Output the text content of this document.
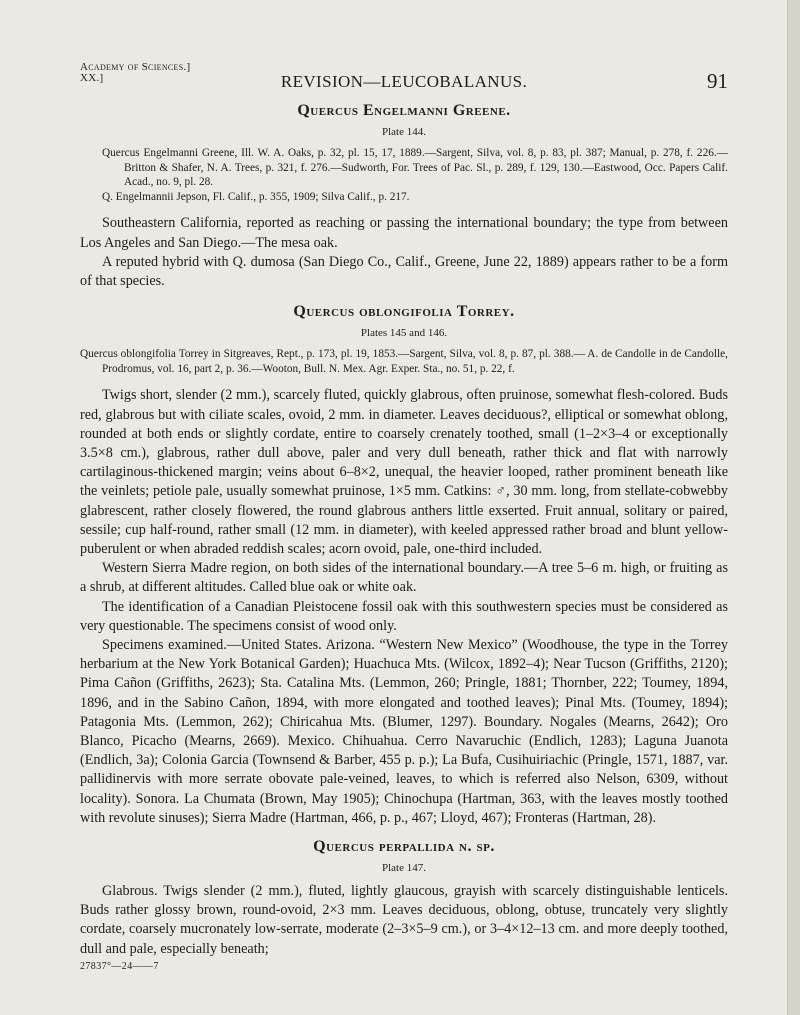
Academy of Sciences.]
XX.]	REVISION—LEUCOBALANUS.	91
Quercus Engelmanni Greene.
Plate 144.
Quercus Engelmanni Greene, Ill. W. A. Oaks, p. 32, pl. 15, 17, 1889.—Sargent, Silva, vol. 8, p. 83, pl. 387; Manual, p. 278, f. 226.—Britton & Shafer, N. A. Trees, p. 321, f. 276.—Sudworth, For. Trees of Pac. Sl., p. 289, f. 129, 130.—Eastwood, Occ. Papers Calif. Acad., no. 9, pl. 28.
Q. Engelmannii Jepson, Fl. Calif., p. 355, 1909; Silva Calif., p. 217.

Southeastern California, reported as reaching or passing the international boundary; the type from between Los Angeles and San Diego.—The mesa oak.

A reputed hybrid with Q. dumosa (San Diego Co., Calif., Greene, June 22, 1889) appears rather to be a form of that species.

Quercus oblongifolia Torrey.
Plates 145 and 146.
Quercus oblongifolia Torrey in Sitgreaves, Rept., p. 173, pl. 19, 1853.—Sargent, Silva, vol. 8, p. 87, pl. 388.— A. de Candolle in de Candolle, Prodromus, vol. 16, part 2, p. 36.—Wooton, Bull. N. Mex. Agr. Exper. Sta., no. 51, p. 22, f.

Twigs short, slender (2 mm.), scarcely fluted, quickly glabrous, often pruinose, somewhat flesh-colored. Buds red, glabrous but with ciliate scales, ovoid, 2 mm. in diameter. Leaves deciduous?, elliptical or somewhat oblong, rounded at both ends or slightly cordate, entire to coarsely crenately toothed, small (1–2×3–4 or exceptionally 3.5×8 cm.), glabrous, rather dull above, paler and very dull beneath, rather thick and flat with narrowly cartilaginous-thickened margin; veins about 6–8×2, unequal, the heavier looped, rather prominent beneath like the veinlets; petiole pale, usually somewhat pruinose, 1×5 mm. Catkins: ♂, 30 mm. long, from stellate-cobwebby glabrescent, rather closely flowered, the round glabrous anthers little exserted. Fruit annual, solitary or paired, sessile; cup half-round, rather small (12 mm. in diameter), with keeled appressed rather broad and blunt yellow-puberulent or when abraded reddish scales; acorn ovoid, pale, one-third included.

Western Sierra Madre region, on both sides of the international boundary.—A tree 5–6 m. high, or fruiting as a shrub, at different altitudes. Called blue oak or white oak.

The identification of a Canadian Pleistocene fossil oak with this southwestern species must be considered as very questionable. The specimens consist of wood only.

Specimens examined.—United States. Arizona. “Western New Mexico” (Woodhouse, the type in the Torrey herbarium at the New York Botanical Garden); Huachuca Mts. (Wilcox, 1892–4); Near Tucson (Griffiths, 2120); Pima Cañon (Griffiths, 2623); Sta. Catalina Mts. (Lemmon, 260; Pringle, 1881; Thornber, 222; Toumey, 1894, 1896, and in the Sabino Cañon, 1894, with more elongated and toothed leaves); Pinal Mts. (Toumey, 1894); Patagonia Mts. (Lemmon, 262); Chiricahua Mts. (Blumer, 1297). Boundary. Nogales (Mearns, 2642); Oro Blanco, Picacho (Mearns, 2669). Mexico. Chihuahua. Cerro Navaruchic (Endlich, 1283); Laguna Juanota (Endlich, 3a); Colonia Garcia (Townsend & Barber, 455 p. p.); La Bufa, Cusihuiriachic (Pringle, 1571, 1887, var. pallidinervis with more serrate obovate pale-veined, leaves, to which is referred also Nelson, 6309, without locality). Sonora. La Chumata (Brown, May 1905); Chinochupa (Hartman, 363, with the leaves mostly toothed with revolute sinuses); Sierra Madre (Hartman, 466, p. p., 467; Lloyd, 467); Fronteras (Hartman, 28).

Quercus perpallida n. sp.
Plate 147.

Glabrous. Twigs slender (2 mm.), fluted, lightly glaucous, grayish with scarcely distinguishable lenticels. Buds rather glossy brown, round-ovoid, 2×3 mm. Leaves deciduous, oblong, obtuse, truncately very slightly cordate, coarsely mucronately low-serrate, moderate (2–3×5–9 cm.), or 3–4×12–13 cm. and more deeply toothed, dull and pale, especially beneath;

27837°—24——7
